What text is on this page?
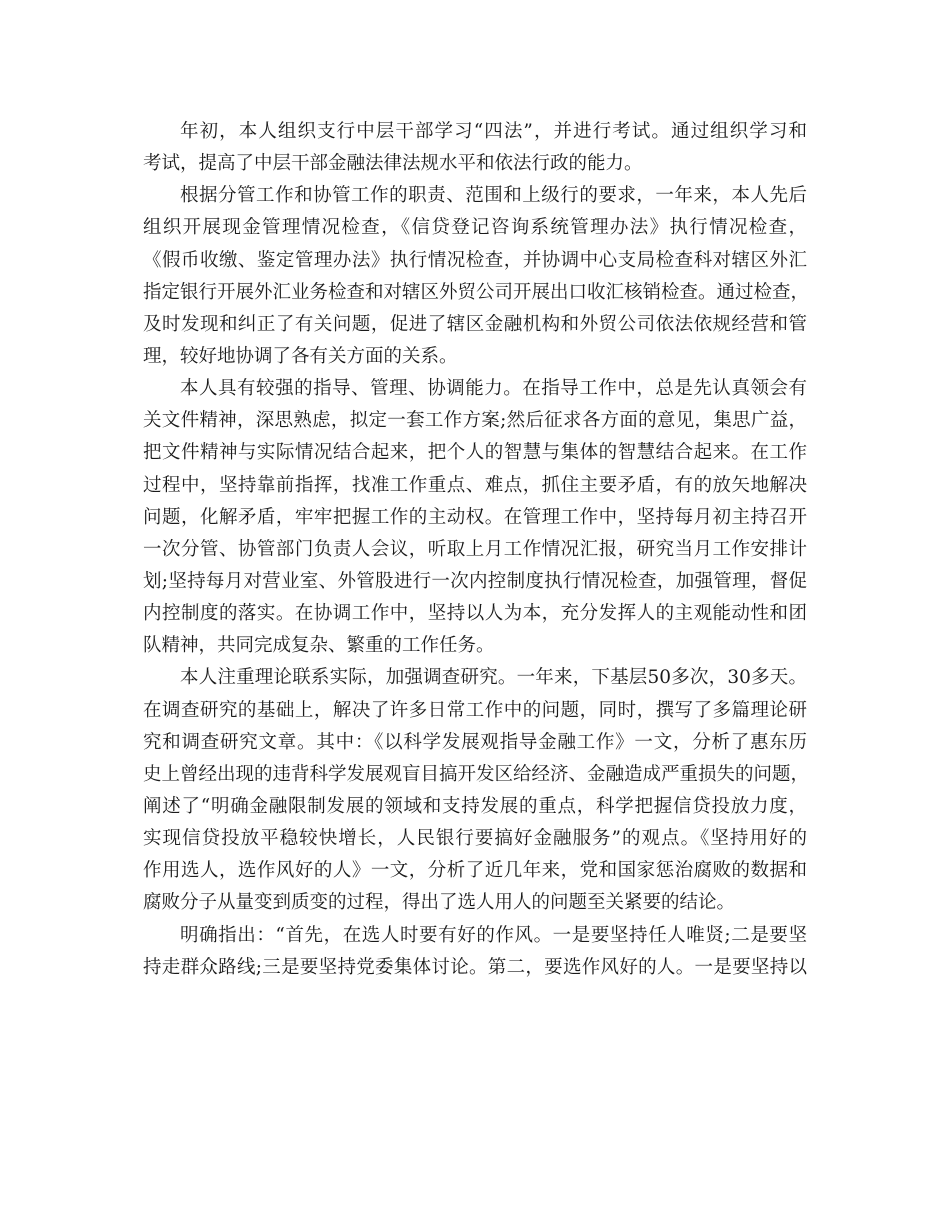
年初，本人组织支行中层干部学习“四法”，并进行考试。通过组织学习和
考试，提高了中层干部金融法律法规水平和依法行政的能力。
根据分管工作和协管工作的职责、范围和上级行的要求，一年来，本人先后
组织开展现金管理情况检查，《信贷登记咨询系统管理办法》执行情况检查，
《假币收缴、鉴定管理办法》执行情况检查，并协调中心支局检查科对辖区外汇
指定银行开展外汇业务检查和对辖区外贸公司开展出口收汇核销检查。通过检查，
及时发现和纠正了有关问题，促进了辖区金融机构和外贸公司依法依规经营和管
理，较好地协调了各有关方面的关系。
本人具有较强的指导、管理、协调能力。在指导工作中，总是先认真领会有
关文件精神，深思熟虑，拟定一套工作方案;然后征求各方面的意见，集思广益，
把文件精神与实际情况结合起来，把个人的智慧与集体的智慧结合起来。在工作
过程中，坚持靠前指挥，找准工作重点、难点，抓住主要矛盾，有的放矢地解决
问题，化解矛盾，牢牢把握工作的主动权。在管理工作中，坚持每月初主持召开
一次分管、协管部门负责人会议，听取上月工作情况汇报，研究当月工作安排计
划;坚持每月对营业室、外管股进行一次内控制度执行情况检查，加强管理，督促
内控制度的落实。在协调工作中，坚持以人为本，充分发挥人的主观能动性和团
队精神，共同完成复杂、繁重的工作任务。
本人注重理论联系实际，加强调查研究。一年来，下基层50多次，30多天。
在调查研究的基础上，解决了许多日常工作中的问题，同时，撰写了多篇理论研
究和调查研究文章。其中：《以科学发展观指导金融工作》一文，分析了惠东历
史上曾经出现的违背科学发展观盲目搞开发区给经济、金融造成严重损失的问题，
阐述了“明确金融限制发展的领域和支持发展的重点，科学把握信贷投放力度，
实现信贷投放平稳较快增长，人民银行要搞好金融服务”的观点。《坚持用好的
作用选人，选作风好的人》一文，分析了近几年来，党和国家惩治腐败的数据和
腐败分子从量变到质变的过程，得出了选人用人的问题至关紧要的结论。
明确指出：“首先，在选人时要有好的作风。一是要坚持任人唯贤;二是要坚
持走群众路线;三是要坚持党委集体讨论。第二，要选作风好的人。一是要坚持以
